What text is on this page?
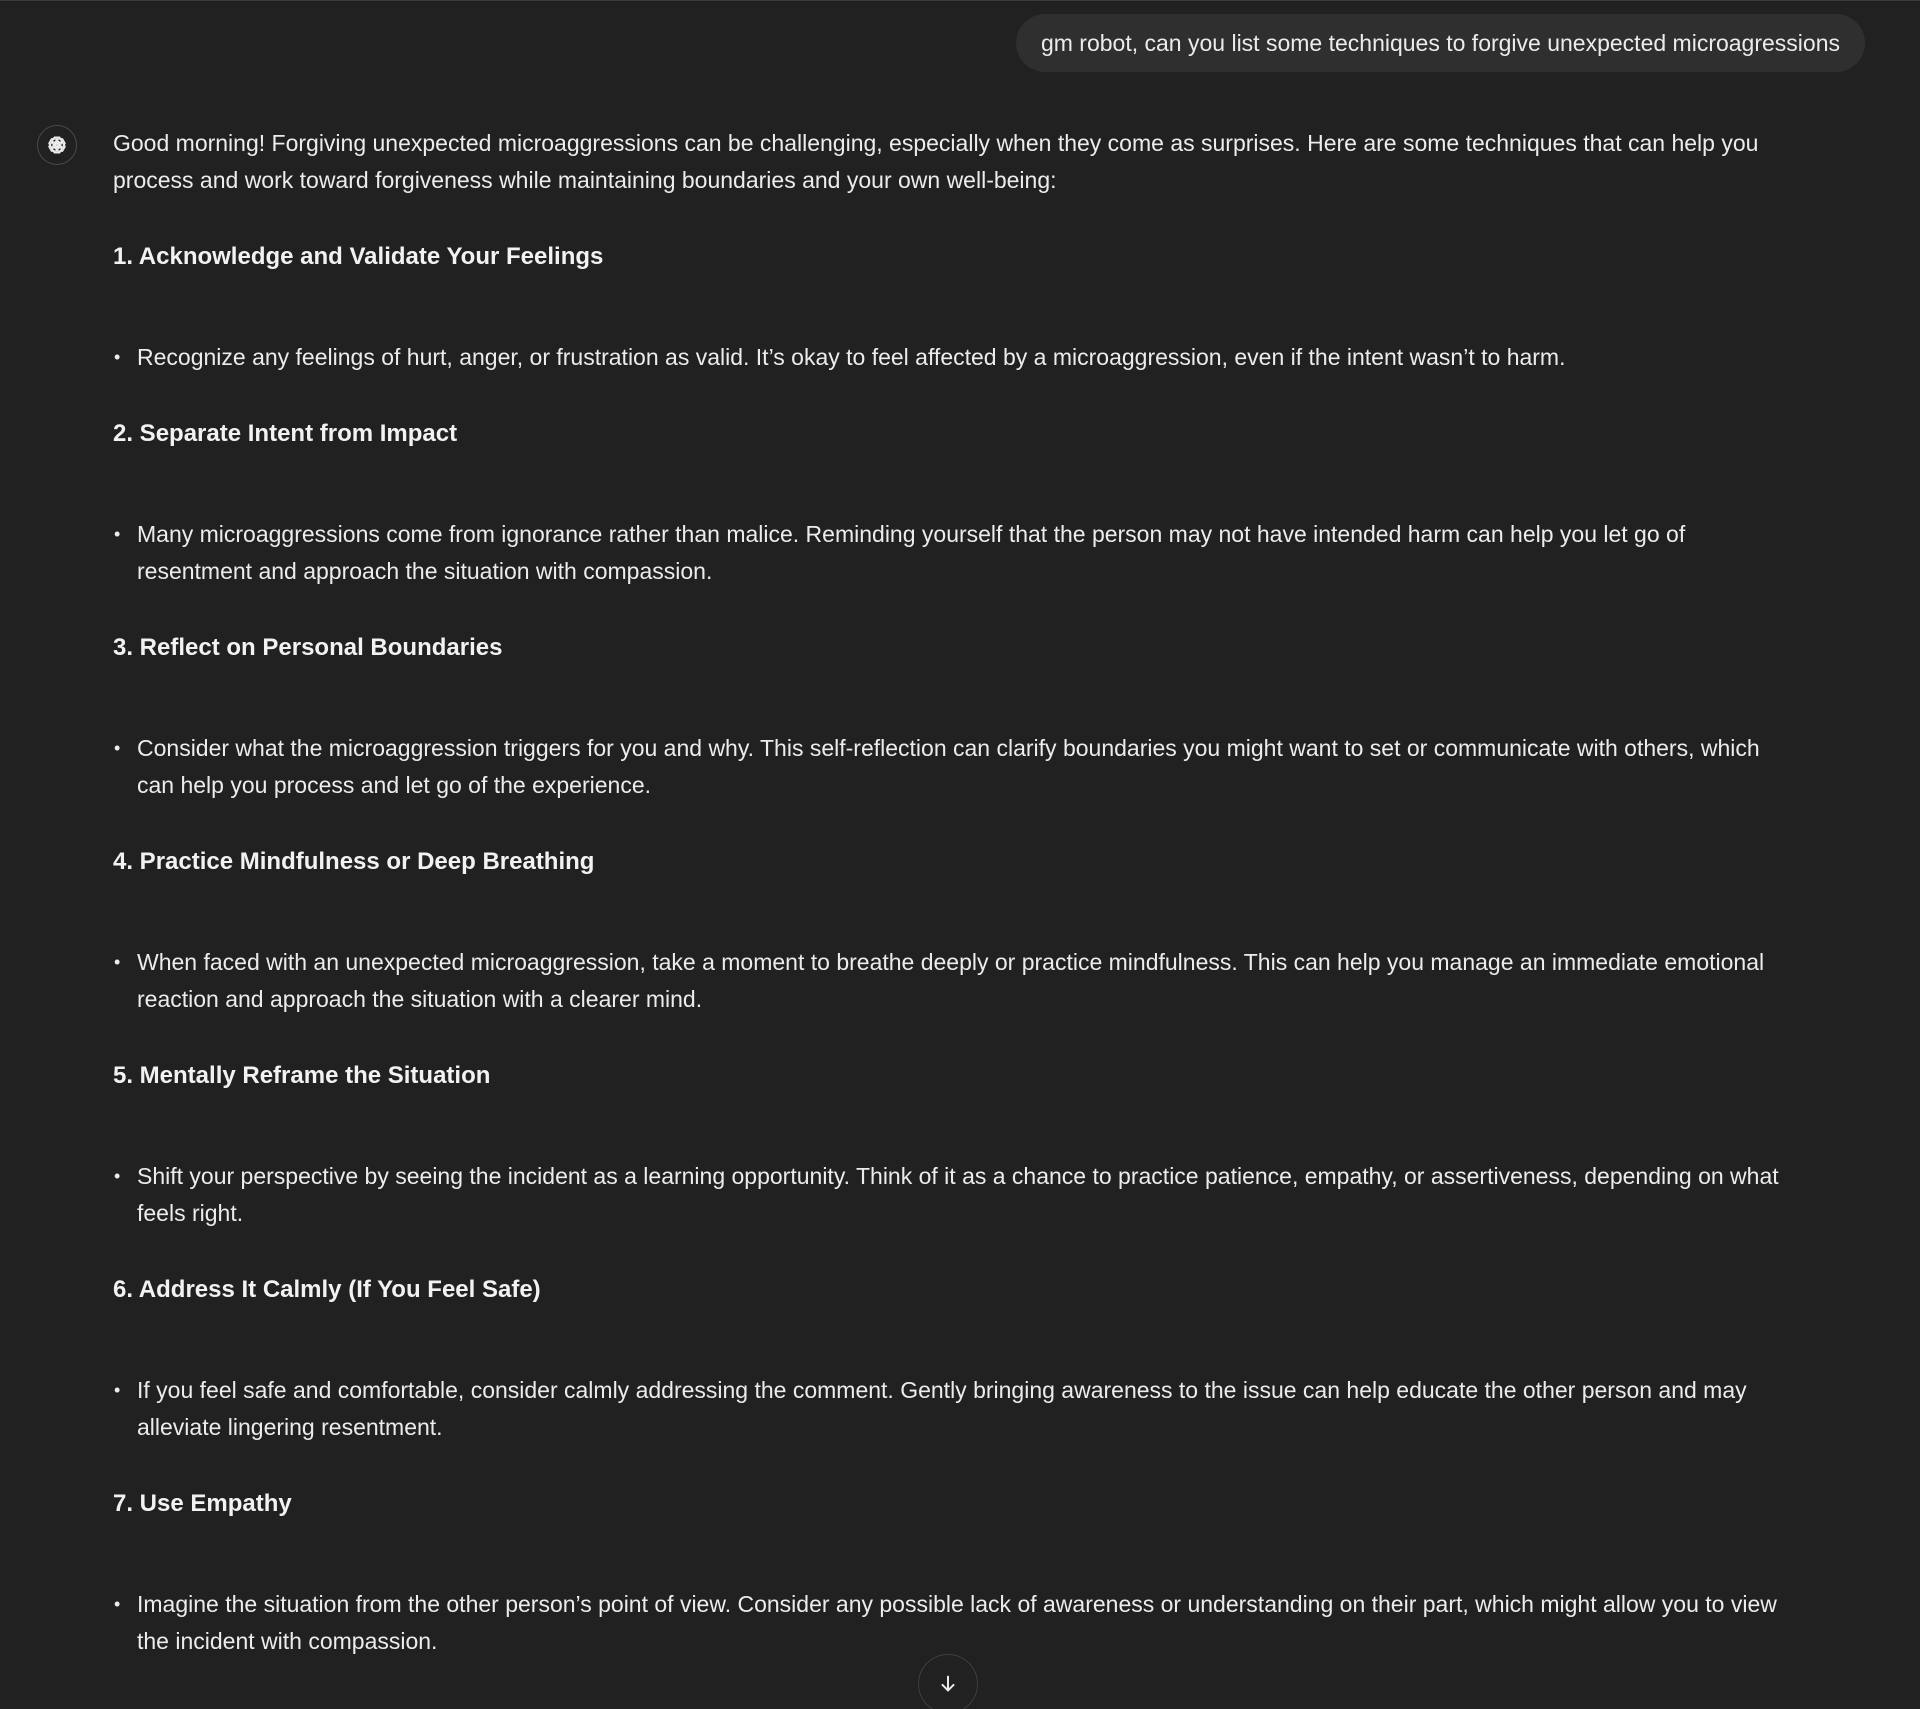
gm robot, can you list some techniques to forgive unexpected microagressions

Good morning! Forgiving unexpected microaggressions can be challenging, especially when they come as surprises. Here are some techniques that can help you process and work toward forgiveness while maintaining boundaries and your own well-being:

1. Acknowledge and Validate Your Feelings

• Recognize any feelings of hurt, anger, or frustration as valid. It’s okay to feel affected by a microaggression, even if the intent wasn’t to harm.

2. Separate Intent from Impact

• Many microaggressions come from ignorance rather than malice. Reminding yourself that the person may not have intended harm can help you let go of resentment and approach the situation with compassion.

3. Reflect on Personal Boundaries

• Consider what the microaggression triggers for you and why. This self-reflection can clarify boundaries you might want to set or communicate with others, which can help you process and let go of the experience.

4. Practice Mindfulness or Deep Breathing

• When faced with an unexpected microaggression, take a moment to breathe deeply or practice mindfulness. This can help you manage an immediate emotional reaction and approach the situation with a clearer mind.

5. Mentally Reframe the Situation

• Shift your perspective by seeing the incident as a learning opportunity. Think of it as a chance to practice patience, empathy, or assertiveness, depending on what feels right.

6. Address It Calmly (If You Feel Safe)

• If you feel safe and comfortable, consider calmly addressing the comment. Gently bringing awareness to the issue can help educate the other person and may alleviate lingering resentment.

7. Use Empathy

• Imagine the situation from the other person’s point of view. Consider any possible lack of awareness or understanding on their part, which might allow you to view the incident with compassion.
